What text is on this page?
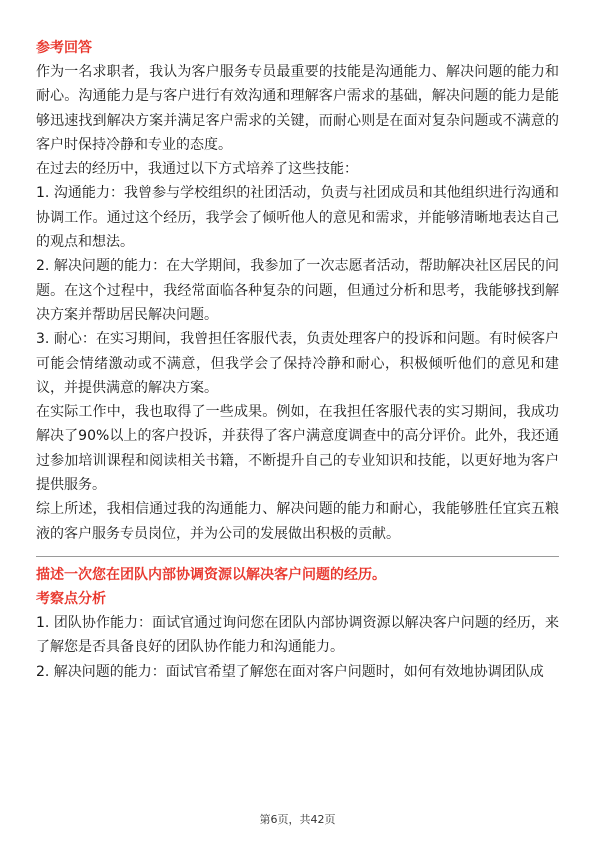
参考回答

作为一名求职者，我认为客户服务专员最重要的技能是沟通能力、解决问题的能力和耐心。沟通能力是与客户进行有效沟通和理解客户需求的基础，解决问题的能力是能够迅速找到解决方案并满足客户需求的关键，而耐心则是在面对复杂问题或不满意的客户时保持冷静和专业的态度。

在过去的经历中，我通过以下方式培养了这些技能：

1. 沟通能力：我曾参与学校组织的社团活动，负责与社团成员和其他组织进行沟通和协调工作。通过这个经历，我学会了倾听他人的意见和需求，并能够清晰地表达自己的观点和想法。

2. 解决问题的能力：在大学期间，我参加了一次志愿者活动，帮助解决社区居民的问题。在这个过程中，我经常面临各种复杂的问题，但通过分析和思考，我能够找到解决方案并帮助居民解决问题。

3. 耐心：在实习期间，我曾担任客服代表，负责处理客户的投诉和问题。有时候客户可能会情绪激动或不满意，但我学会了保持冷静和耐心，积极倾听他们的意见和建议，并提供满意的解决方案。

在实际工作中，我也取得了一些成果。例如，在我担任客服代表的实习期间，我成功解决了90%以上的客户投诉，并获得了客户满意度调查中的高分评价。此外，我还通过参加培训课程和阅读相关书籍，不断提升自己的专业知识和技能，以更好地为客户提供服务。

综上所述，我相信通过我的沟通能力、解决问题的能力和耐心，我能够胜任宜宾五粮液的客户服务专员岗位，并为公司的发展做出积极的贡献。

描述一次您在团队内部协调资源以解决客户问题的经历。

考察点分析

1. 团队协作能力：面试官通过询问您在团队内部协调资源以解决客户问题的经历，来了解您是否具备良好的团队协作能力和沟通能力。

2. 解决问题的能力：面试官希望了解您在面对客户问题时，如何有效地协调团队成

第6页，共42页
